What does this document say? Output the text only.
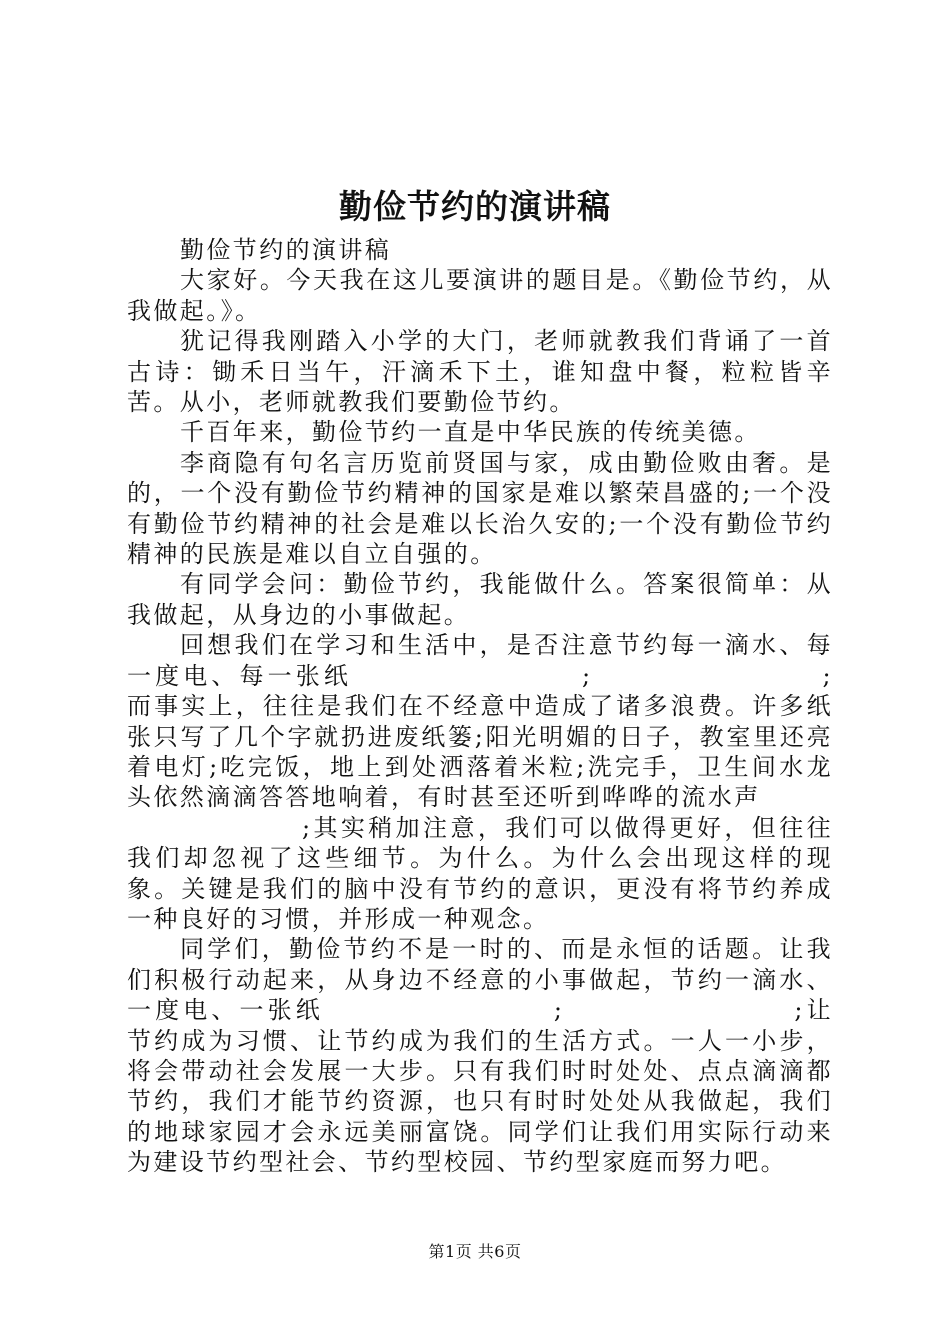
勤俭节约的演讲稿

勤俭节约的演讲稿

大家好。今天我在这儿要演讲的题目是。《勤俭节约，从我做起。》。

犹记得我刚踏入小学的大门，老师就教我们背诵了一首古诗：锄禾日当午，汗滴禾下土，谁知盘中餐，粒粒皆辛苦。从小，老师就教我们要勤俭节约。

千百年来，勤俭节约一直是中华民族的传统美德。

李商隐有句名言历览前贤国与家，成由勤俭败由奢。是的，一个没有勤俭节约精神的国家是难以繁荣昌盛的;一个没有勤俭节约精神的社会是难以长治久安的;一个没有勤俭节约精神的民族是难以自立自强的。

有同学会问：勤俭节约，我能做什么。答案很简单：从我做起，从身边的小事做起。

回想我们在学习和生活中，是否注意节约每一滴水、每一度电、每一张纸	;	;而事实上，往往是我们在不经意中造成了诸多浪费。许多纸张只写了几个字就扔进废纸篓;阳光明媚的日子，教室里还亮着电灯;吃完饭，地上到处洒落着米粒;洗完手，卫生间水龙头依然滴滴答答地响着，有时甚至还听到哗哗的流水声
;其实稍加注意，我们可以做得更好，但往往我们却忽视了这些细节。为什么。为什么会出现这样的现象。关键是我们的脑中没有节约的意识，更没有将节约养成一种良好的习惯，并形成一种观念。

同学们，勤俭节约不是一时的、而是永恒的话题。让我们积极行动起来，从身边不经意的小事做起，节约一滴水、一度电、一张纸	;	;让节约成为习惯、让节约成为我们的生活方式。一人一小步，将会带动社会发展一大步。只有我们时时处处、点点滴滴都节约，我们才能节约资源，也只有时时处处从我做起，我们的地球家园才会永远美丽富饶。同学们让我们用实际行动来为建设节约型社会、节约型校园、节约型家庭而努力吧。

第1页 共6页
